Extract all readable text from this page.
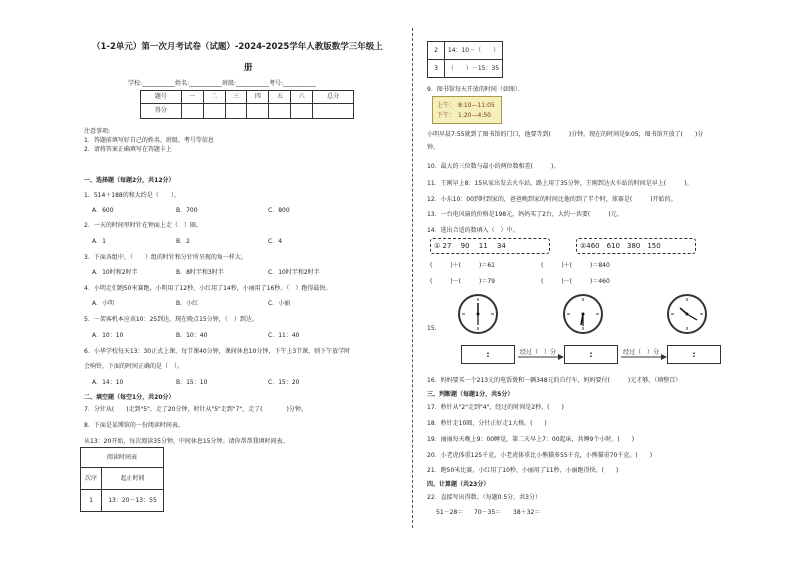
（1-2单元）第一次月考试卷（试题）-2024-2025学年人教版数学三年级上
册
学校:___________姓名:___________班级:___________考号:___________
题号	一	二	三	四	五	六	总分
得分							
注意事项:
1．答题前填写好自己的姓名、班级、考号等信息
2．请将答案正确填写在答题卡上
一、选择题（每题2分，共12分）
1．514＋188的和大约是（　　）。
A．600	B．700	C．800
2．一天的时间里时针在钟面上走（　）圈。
A．1	B．2	C．4
3．下面各组中，（　　）组的时针和分针所呈现的角一样大。
A．10时和2时半	B．8时半和3时半	C．10时半和2时半
4．小明走们跑50米赛跑，小明用了12秒，小红用了14秒，小丽用了16秒。（　）跑得最快。
A．小明	B．小红	C．小丽
5．一架客机本应该10：25到达，现在晚点15分钟，（　）到达。
A．10：10	B．10：40	C．11：40
6．小华学校每天13：30正式上课，每节课40分钟，课间休息10分钟，下午上3节课，则下午放学时
会响铃，下面的时间正确的是（　）。
A．14：10	B．15：10	C．15：20
二、填空题（每空1分，共20分）
7．分针从(　　)走到"5"，走了20分钟，时针从"5"走到"7"，走了(　　　　)分钟。
8．下面是某博馆的一份阅读时间表。
从13：20开始，每次阅读35分钟，中间休息15分钟。请你帮帮我填时间表。
阅读时间表	
次序	起止时间
1	13：20－13：55
2	14：10－（　　）
3	（　　）－15：35
9．图书馆每天开放的时间（如图）．
上午：　8:10—11:05
下午：　1:20—4:50
小明早晨7:55就到了图书馆的门口，他要等到(　　　)分钟。现在的时间是9:05，图书馆开放了(　　)分
钟。
10．最大的三位数与最小的两位数相差(　　　)。
11．王刚早上8：15从家出发去火车站，路上用了35分钟，王刚到达火车站的时间是早上(　　　)。
12．小东10：00到时到家的，爸爸晚到家的时间比他的到了半个时，球赛是(　　　)开始的。
13．一台电风扇的价格是198元，妈妈买了2台，大约一共要(　　　)元。
14．选出合适的数填入（　）中。
① 27　 90　 11　 34	②460　610　380　150
(　　　)＋(　　　)＝61	(　　　)＋(　　　)＝840
(　　　)－(　　　)＝79	(　　　)－(　　　)＝460
15.
:	经过（　）分	:	经过（　）分	:
16．妈妈要买一个213元的电饭煲和一辆348元的自行车，妈妈要付(　　　)元才够。（填整百）
三、判断题（每题1分，共5分）
17．秒针从"2"走到"4"，经过的时间是2秒。(　　)
18．秒针走10圈，分针正好走1大格。(　　)
19．丽丽每天晚上9：00睡觉，第二天早上7：00起床，共睡9个小时。(　　)
20．小老虎体重125千克，小老虎体重比小熊猫多55千克，小熊猫重70千克。(　　)
21．跑50米比赛，小红用了10秒，小丽用了11秒，小丽跑得快。(　　)
四、计算题（共23分）
22．直接写出得数。（每题0.5分，共3分）
51－28＝ 70－35＝ 38＋32＝
